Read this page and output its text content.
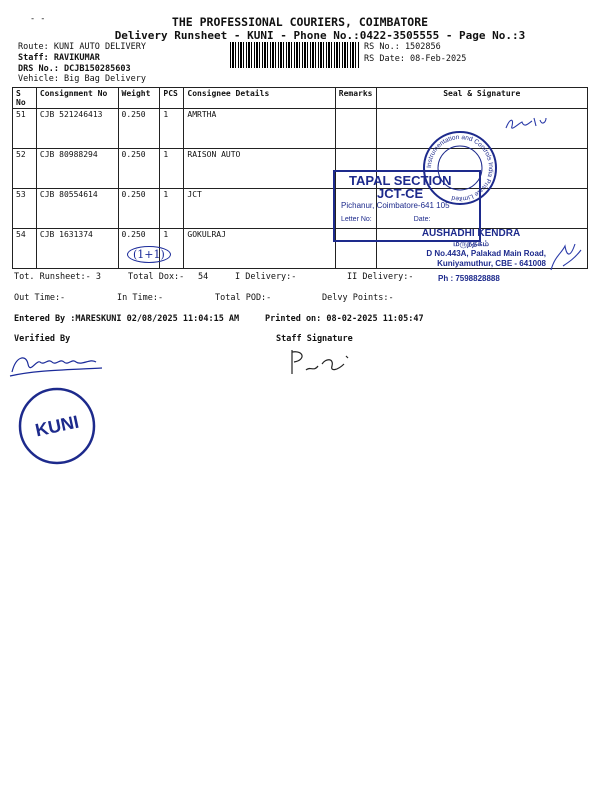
- -	THE PROFESSIONAL COURIERS, COIMBATORE
Delivery Runsheet - KUNI - Phone No.:0422-3505555 - Page No.:3
Route: KUNI AUTO DELIVERY
Staff: RAVIKUMAR
DRS No.: DCJB150285603
Vehicle: Big Bag Delivery
RS No.: 1502856
RS Date: 08-Feb-2025
S No	Consignment No	Weight	PCS	Consignee Details	Remarks	Seal & Signature
51	CJB 521246413	0.250	1	AMRTHA		
52	CJB 80988294	0.250	1	RAISON AUTO		
53	CJB 80554614	0.250	1	JCT		
54	CJB 1631374	0.250	1	GOKULRAJ		
(1+1)
Instrumentation and Controls India Private Limited
TAPAL SECTION
JCT-CE
Pichanur, Coimbatore-641 105
Letter No:	Date:
AUSHADHI KENDRA
மருந்தகம்
D No.443A, Palakad Main Road,
Kuniyamuthur, CBE - 641008
Ph : 7598828888
Tot. Runsheet:- 3	Total Dox:- 54	I Delivery:-	II Delivery:-
Out Time:-	In Time:-	Total POD:-	Delvy Points:-
Entered By :MARESKUNI 02/08/2025 11:04:15 AM	Printed on: 08-02-2025 11:05:47
Verified By	Staff Signature
KUNI
